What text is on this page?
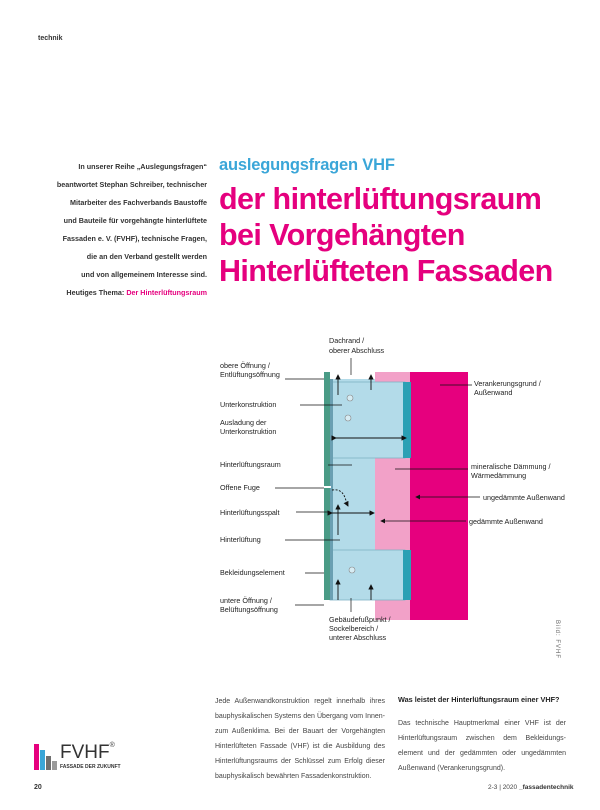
technik
In unserer Reihe „Auslegungsfragen“
beantwortet Stephan Schreiber, technischer
Mitarbeiter des Fachverbands Baustoffe
und Bauteile für vorgehängte hinterlüftete
Fassaden e. V. (FVHF), technische Fragen,
die an den Verband gestellt werden
und von allgemeinem Interesse sind.
Heutiges Thema: Der Hinterlüftungsraum
auslegungsfragen VHF
der hinterlüftungsraum
bei Vorgehängten
Hinterlüfteten Fassaden
Dachrand /
oberer Abschluss
obere Öffnung /
Entlüftungsöffnung
Unterkonstruktion
Ausladung der
Unterkonstruktion
Hinterlüftungsraum
Offene Fuge
Hinterlüftungsspalt
Hinterlüftung
Bekleidungselement
untere Öffnung /
Belüftungsöffnung
Verankerungsgrund /
Außenwand
mineralische Dämmung /
Wärmedämmung
ungedämmte Außenwand
gedämmte Außenwand
Gebäudefußpunkt /
Sockelbereich /
unterer Abschluss	Bild: FVHF
Jede Außenwandkonstruktion regelt innerhalb ihres bauphysikalischen Systems den Übergang vom Innen- zum Außenklima. Bei der Bauart der Vorgehängten Hinterlüfteten Fassade (VHF) ist die Ausbildung des Hinterlüftungsraums der Schlüssel zum Erfolg dieser bauphysikalisch bewährten Fassadenkonstruktion.
Was leistet der Hinterlüftungsraum einer VHF?
Das technische Hauptmerkmal einer VHF ist der Hinterlüftungsraum zwischen dem Bekleidungs- element und der gedämmten oder ungedämmten Außenwand (Verankerungsgrund).
FVHF®
FASSADE DER ZUKUNFT
20	2-3 | 2020 _fassadentechnik
